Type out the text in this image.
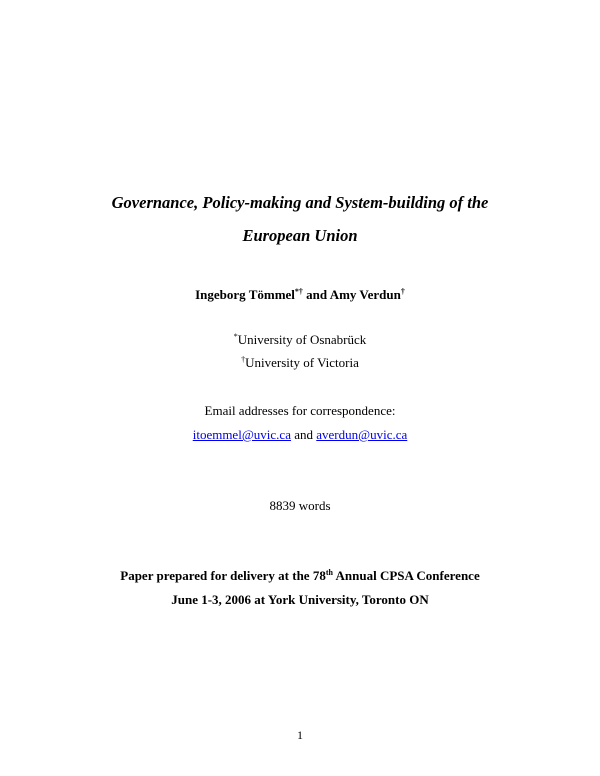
Governance, Policy-making and System-building of the
European Union
Ingeborg Tömmel*† and Amy Verdun†
*University of Osnabrück
†University of Victoria
Email addresses for correspondence:
itoemmel@uvic.ca and averdun@uvic.ca
8839 words
Paper prepared for delivery at the 78th Annual CPSA Conference
June 1-3, 2006 at York University, Toronto ON
1
